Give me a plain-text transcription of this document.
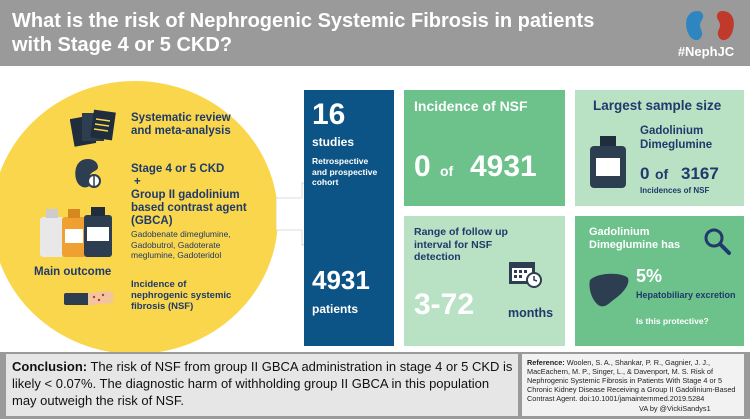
What is the risk of Nephrogenic Systemic Fibrosis in patients with Stage 4 or 5 CKD?	#NephJC
Systematic review and meta-analysis
Stage 4 or 5 CKD
+
Group II gadolinium based contrast agent (GBCA)
Gadobenate dimeglumine, Gadobutrol, Gadoterate meglumine, Gadoteridol
Main outcome
Incidence of nephrogenic systemic fibrosis (NSF)
16
studies
Retrospective and prospective cohort
4931
patients
Incidence of NSF
0 of 4931
Range of follow up interval for NSF detection
3-72	months
Largest sample size
Gadolinium Dimeglumine
0 of 3167
Incidences of NSF
Gadolinium Dimeglumine has
5%
Hepatobiliary excretion
Is this protective?
Conclusion: The risk of NSF from group II GBCA administration in stage 4 or 5 CKD is likely < 0.07%. The diagnostic harm of withholding group II GBCA in this population may outweigh the risk of NSF.
Reference: Woolen, S. A., Shankar, P. R., Gagnier, J. J., MacEachern, M. P., Singer, L., & Davenport, M. S. Risk of Nephrogenic Systemic Fibrosis in Patients With Stage 4 or 5 Chronic Kidney Disease Receiving a Group II Gadolinium-Based Contrast Agent. doi:10.1001/jamainternmed.2019.5284
VA by @VickiSandys1
